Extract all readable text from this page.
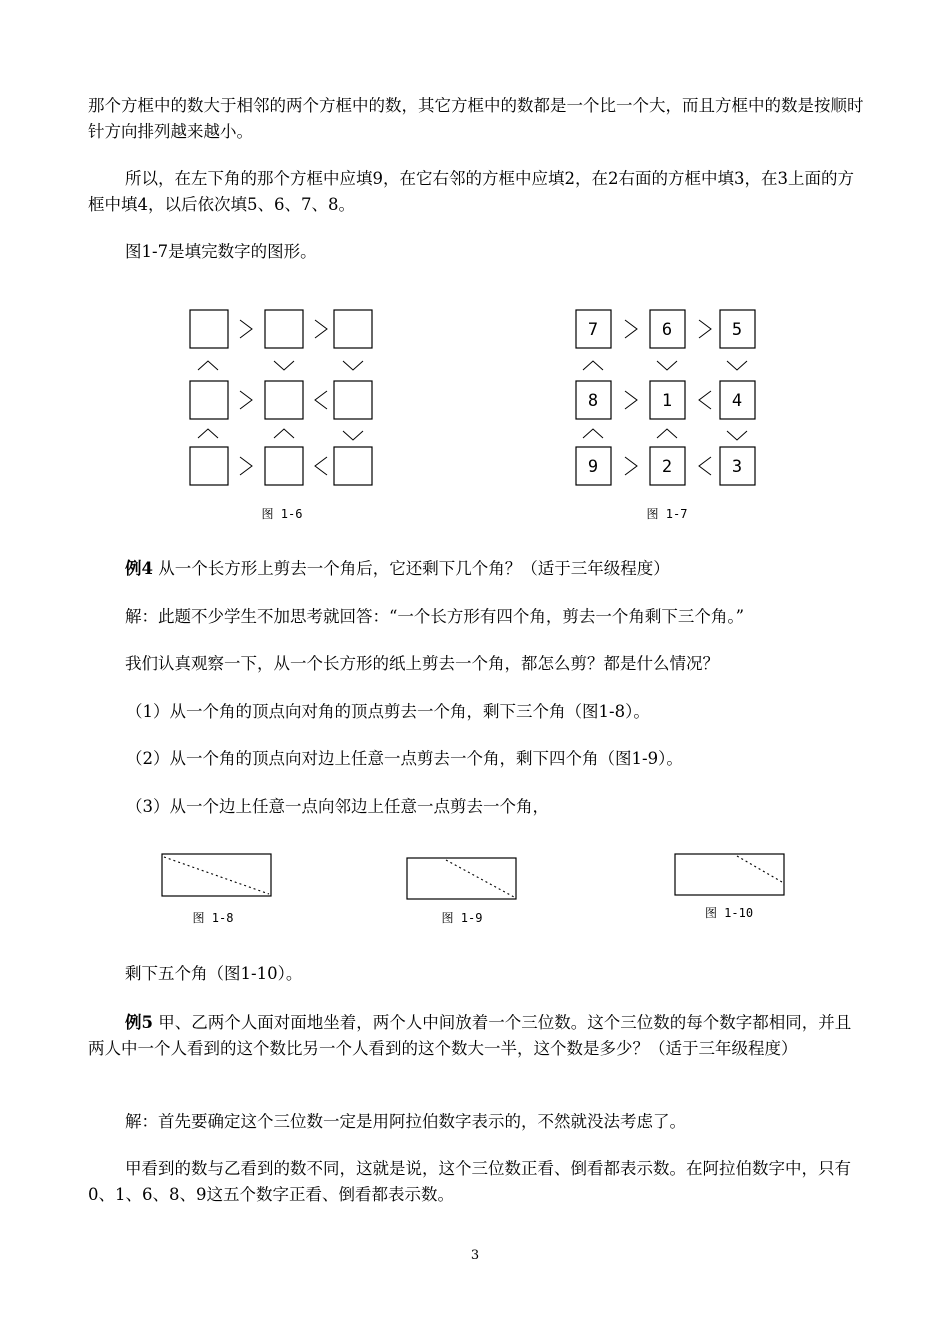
那个方框中的数大于相邻的两个方框中的数，其它方框中的数都是一个比一个大，而且方框中的数是按顺时针方向排列越来越小。

所以，在左下角的那个方框中应填9，在它右邻的方框中应填2，在2右面的方框中填3，在3上面的方框中填4，以后依次填5、6、7、8。

图1-7是填完数字的图形。

图 1-6
7	6	5
8	1	4
9	2	3
图 1-7
图 1-8	图 1-9	图 1-10

例4 从一个长方形上剪去一个角后，它还剩下几个角？（适于三年级程度）

解：此题不少学生不加思考就回答：“一个长方形有四个角，剪去一个角剩下三个角。”

我们认真观察一下，从一个长方形的纸上剪去一个角，都怎么剪？都是什么情况？

（1）从一个角的顶点向对角的顶点剪去一个角，剩下三个角（图1-8）。

（2）从一个角的顶点向对边上任意一点剪去一个角，剩下四个角（图1-9）。

（3）从一个边上任意一点向邻边上任意一点剪去一个角，

剩下五个角（图1-10）。

例5 甲、乙两个人面对面地坐着，两个人中间放着一个三位数。这个三位数的每个数字都相同，并且两人中一个人看到的这个数比另一个人看到的这个数大一半，这个数是多少？（适于三年级程度）

解：首先要确定这个三位数一定是用阿拉伯数字表示的，不然就没法考虑了。

甲看到的数与乙看到的数不同，这就是说，这个三位数正看、倒看都表示数。在阿拉伯数字中，只有0、1、6、8、9这五个数字正看、倒看都表示数。

3
